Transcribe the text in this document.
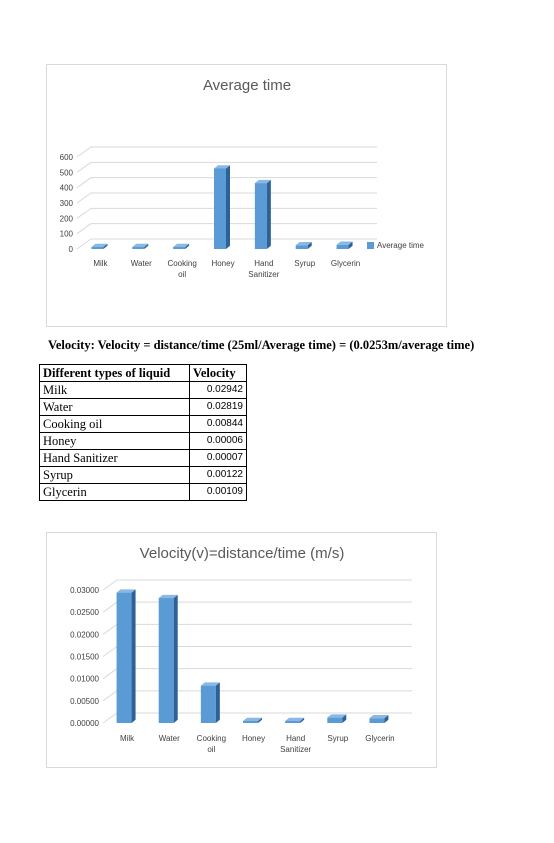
Average time
0
100
200
300
400
500
600
Milk	Water Cooking
oil
Honey Hand
Sanitizer
Syrup Glycerin
Average time

Velocity: Velocity = distance/time (25ml/Average time) = (0.0253m/average time)

Different types of liquid	Velocity
Milk	0.02942
Water	0.02819
Cooking oil	0.00844
Honey	0.00006
Hand Sanitizer	0.00007
Syrup	0.00122
Glycerin	0.00109
Velocity(v)=distance/time (m/s)
0.00000
0.00500
0.01000
0.01500
0.02000
0.02500
0.03000
Milk	Water Cooking
oil
Honey	Hand
Sanitizer
Syrup Glycerin
